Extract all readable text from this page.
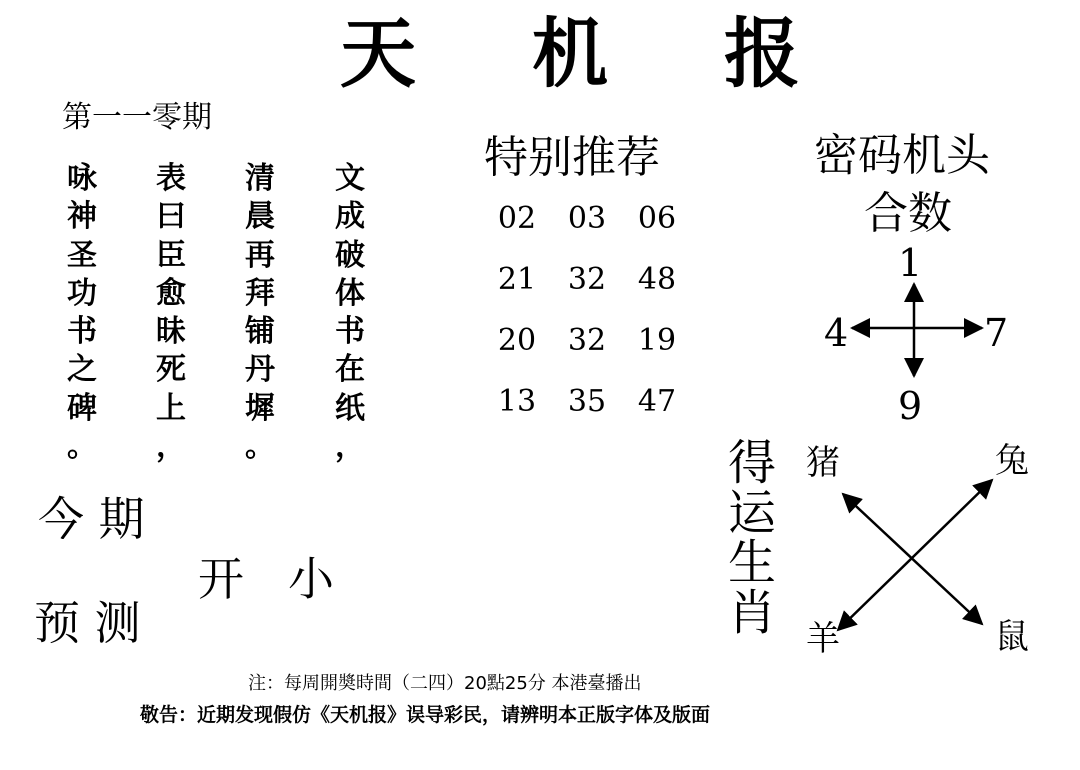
天 机 报
第一一零期
咏
神
圣
功
书
之
碑
。
表
曰
臣
愈
昧
死
上
，
清
晨
再
拜
铺
丹
墀
。
文
成
破
体
书
在
纸
，
今 期
开 小
预 测
特别推荐
02 03 06
21 32 48
20 32 19
13 35 47
密码机头
合数
1
4	7
9
得
运
生
肖
猪	兔
羊	鼠
注：每周開奬時間（二四）20點25分 本港臺播出
敬告：近期发现假仿《天机报》误导彩民，请辨明本正版字体及版面
